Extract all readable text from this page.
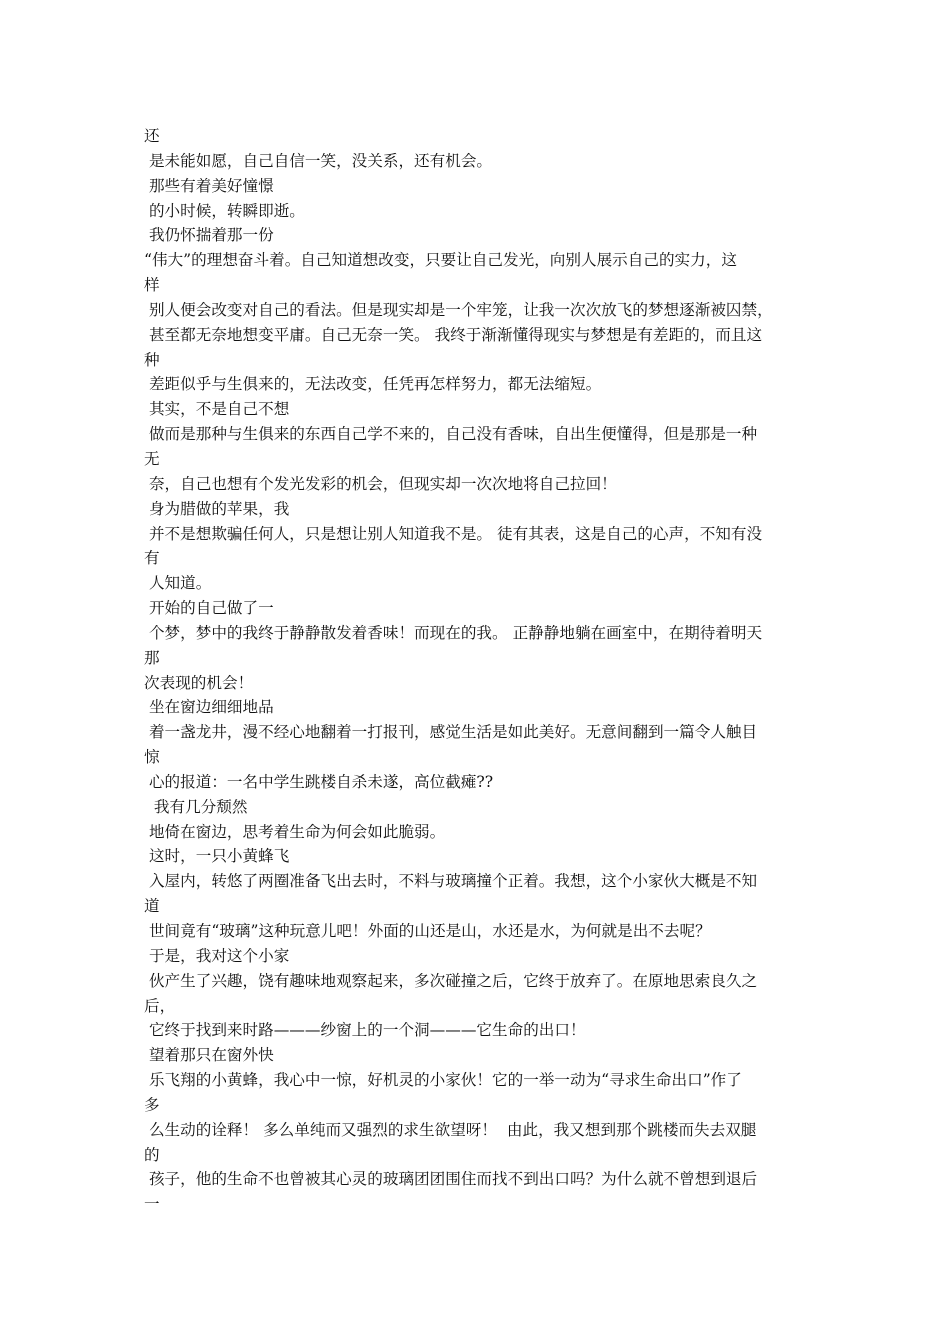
还
是未能如愿，自己自信一笑，没关系，还有机会。
那些有着美好憧憬
的小时候，转瞬即逝。
我仍怀揣着那一份
“伟大”的理想奋斗着。自己知道想改变，只要让自己发光，向别人展示自己的实力，这
样
别人便会改变对自己的看法。但是现实却是一个牢笼，让我一次次放飞的梦想逐渐被囚禁，
甚至都无奈地想变平庸。自己无奈一笑。 我终于渐渐懂得现实与梦想是有差距的，而且这
种
差距似乎与生俱来的，无法改变，任凭再怎样努力，都无法缩短。
其实，不是自己不想
做而是那种与生俱来的东西自己学不来的，自己没有香味，自出生便懂得，但是那是一种
无
奈，自己也想有个发光发彩的机会，但现实却一次次地将自己拉回！
身为腊做的苹果，我
并不是想欺骗任何人，只是想让别人知道我不是。 徒有其表，这是自己的心声，不知有没
有
人知道。
开始的自己做了一
个梦，梦中的我终于静静散发着香味！而现在的我。 正静静地躺在画室中，在期待着明天
那
次表现的机会！
坐在窗边细细地品
着一盏龙井，漫不经心地翻着一打报刊，感觉生活是如此美好。无意间翻到一篇令人触目
惊
心的报道：一名中学生跳楼自杀未遂，高位截瘫??
我有几分颓然
地倚在窗边，思考着生命为何会如此脆弱。
这时，一只小黄蜂飞
入屋内，转悠了两圈准备飞出去时，不料与玻璃撞个正着。我想，这个小家伙大概是不知
道
世间竟有“玻璃”这种玩意儿吧！外面的山还是山，水还是水，为何就是出不去呢？
于是，我对这个小家
伙产生了兴趣，饶有趣味地观察起来，多次碰撞之后，它终于放弃了。在原地思索良久之
后，
它终于找到来时路———纱窗上的一个洞———它生命的出口！
望着那只在窗外快
乐飞翔的小黄蜂，我心中一惊，好机灵的小家伙！它的一举一动为“寻求生命出口”作了
多
么生动的诠释！ 多么单纯而又强烈的求生欲望呀！  由此，我又想到那个跳楼而失去双腿
的
孩子，他的生命不也曾被其心灵的玻璃团团围住而找不到出口吗？为什么就不曾想到退后
一
